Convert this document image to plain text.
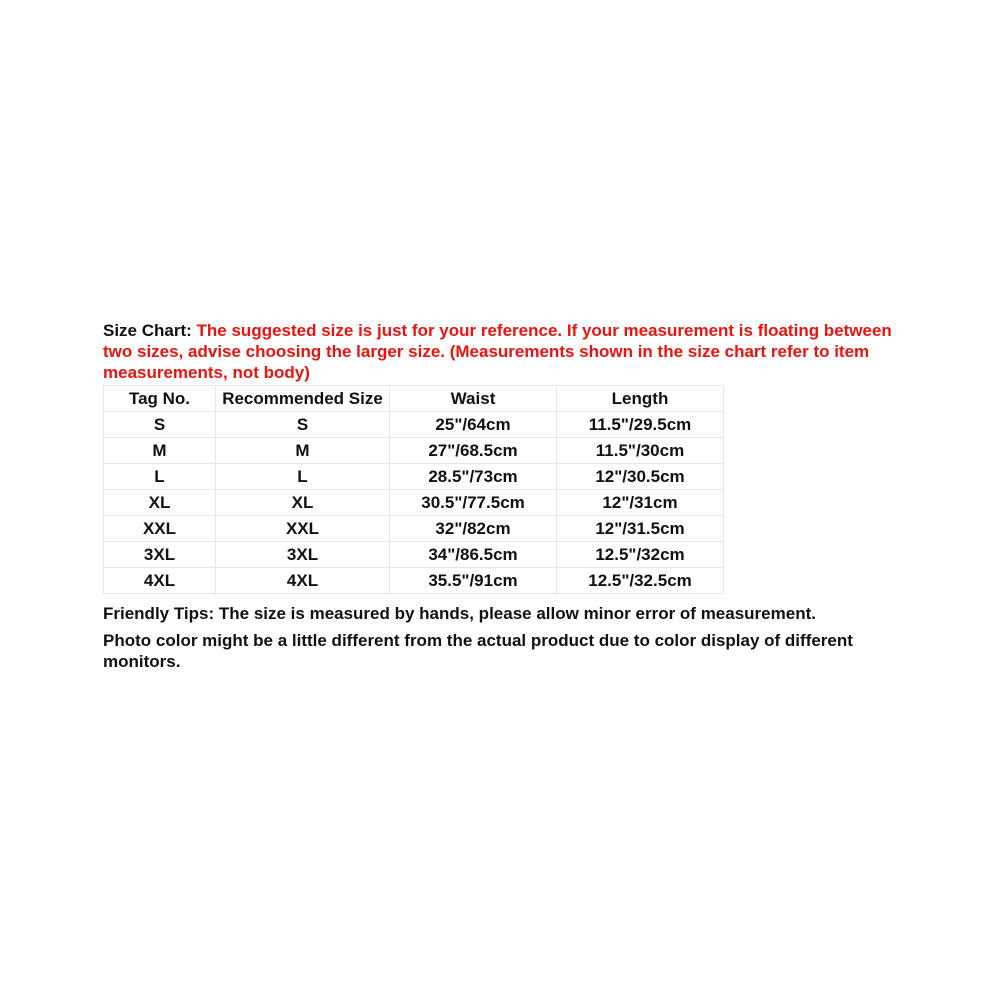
Size Chart: The suggested size is just for your reference. If your measurement is floating between two sizes, advise choosing the larger size. (Measurements shown in the size chart refer to item measurements, not body)

Tag No.	Recommended Size	Waist	Length
S	S	25"/64cm	11.5"/29.5cm
M	M	27"/68.5cm	11.5"/30cm
L	L	28.5"/73cm	12"/30.5cm
XL	XL	30.5"/77.5cm	12"/31cm
XXL	XXL	32"/82cm	12"/31.5cm
3XL	3XL	34"/86.5cm	12.5"/32cm
4XL	4XL	35.5"/91cm	12.5"/32.5cm

Friendly Tips: The size is measured by hands, please allow minor error of measurement.

Photo color might be a little different from the actual product due to color display of different monitors.
